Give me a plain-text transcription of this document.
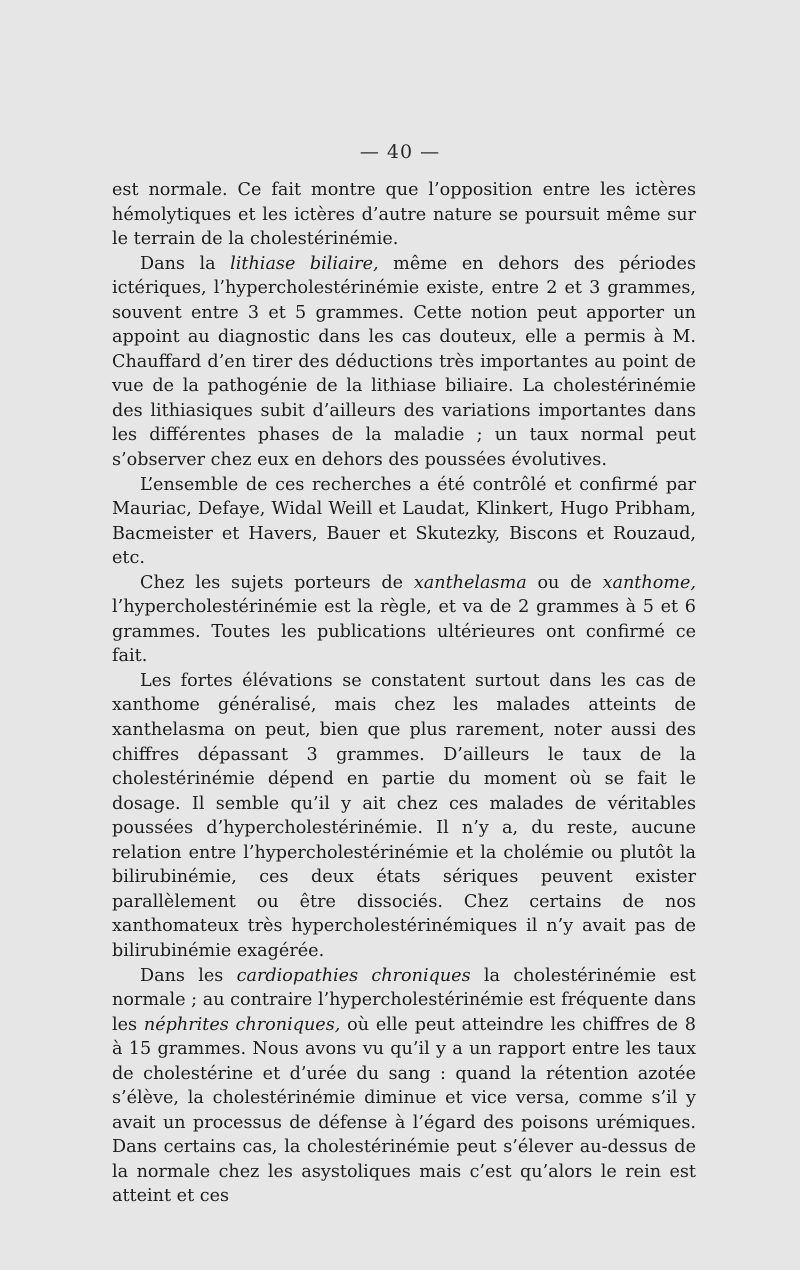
— 40 —

est normale. Ce fait montre que l’opposition entre les ictères hémolytiques et les ictères d’autre nature se poursuit même sur le terrain de la cholestérinémie.

Dans la lithiase biliaire, même en dehors des périodes ictériques, l’hypercholestérinémie existe, entre 2 et 3 grammes, souvent entre 3 et 5 grammes. Cette notion peut apporter un appoint au diagnostic dans les cas douteux, elle a permis à M. Chauffard d’en tirer des déductions très importantes au point de vue de la pathogénie de la lithiase biliaire. La cholestérinémie des lithiasiques subit d’ailleurs des variations importantes dans les différentes phases de la maladie ; un taux normal peut s’observer chez eux en dehors des poussées évolutives.

L’ensemble de ces recherches a été contrôlé et confirmé par Mauriac, Defaye, Widal Weill et Laudat, Klinkert, Hugo Pribham, Bacmeister et Havers, Bauer et Skutezky, Biscons et Rouzaud, etc.

Chez les sujets porteurs de xanthelasma ou de xanthome, l’hypercholestérinémie est la règle, et va de 2 grammes à 5 et 6 grammes. Toutes les publications ultérieures ont confirmé ce fait.

Les fortes élévations se constatent surtout dans les cas de xanthome généralisé, mais chez les malades atteints de xanthelasma on peut, bien que plus rarement, noter aussi des chiffres dépassant 3 grammes. D’ailleurs le taux de la cholestérinémie dépend en partie du moment où se fait le dosage. Il semble qu’il y ait chez ces malades de véritables poussées d’hypercholestérinémie. Il n’y a, du reste, aucune relation entre l’hypercholestérinémie et la cholémie ou plutôt la bilirubinémie, ces deux états sériques peuvent exister parallèlement ou être dissociés. Chez certains de nos xanthomateux très hypercholestérinémiques il n’y avait pas de bilirubinémie exagérée.

Dans les cardiopathies chroniques la cholestérinémie est normale ; au contraire l’hypercholestérinémie est fréquente dans les néphrites chroniques, où elle peut atteindre les chiffres de 8 à 15 grammes. Nous avons vu qu’il y a un rapport entre les taux de cholestérine et d’urée du sang : quand la rétention azotée s’élève, la cholestérinémie diminue et vice versa, comme s’il y avait un processus de défense à l’égard des poisons urémiques. Dans certains cas, la cholestérinémie peut s’élever au-dessus de la normale chez les asystoliques mais c’est qu’alors le rein est atteint et ces
